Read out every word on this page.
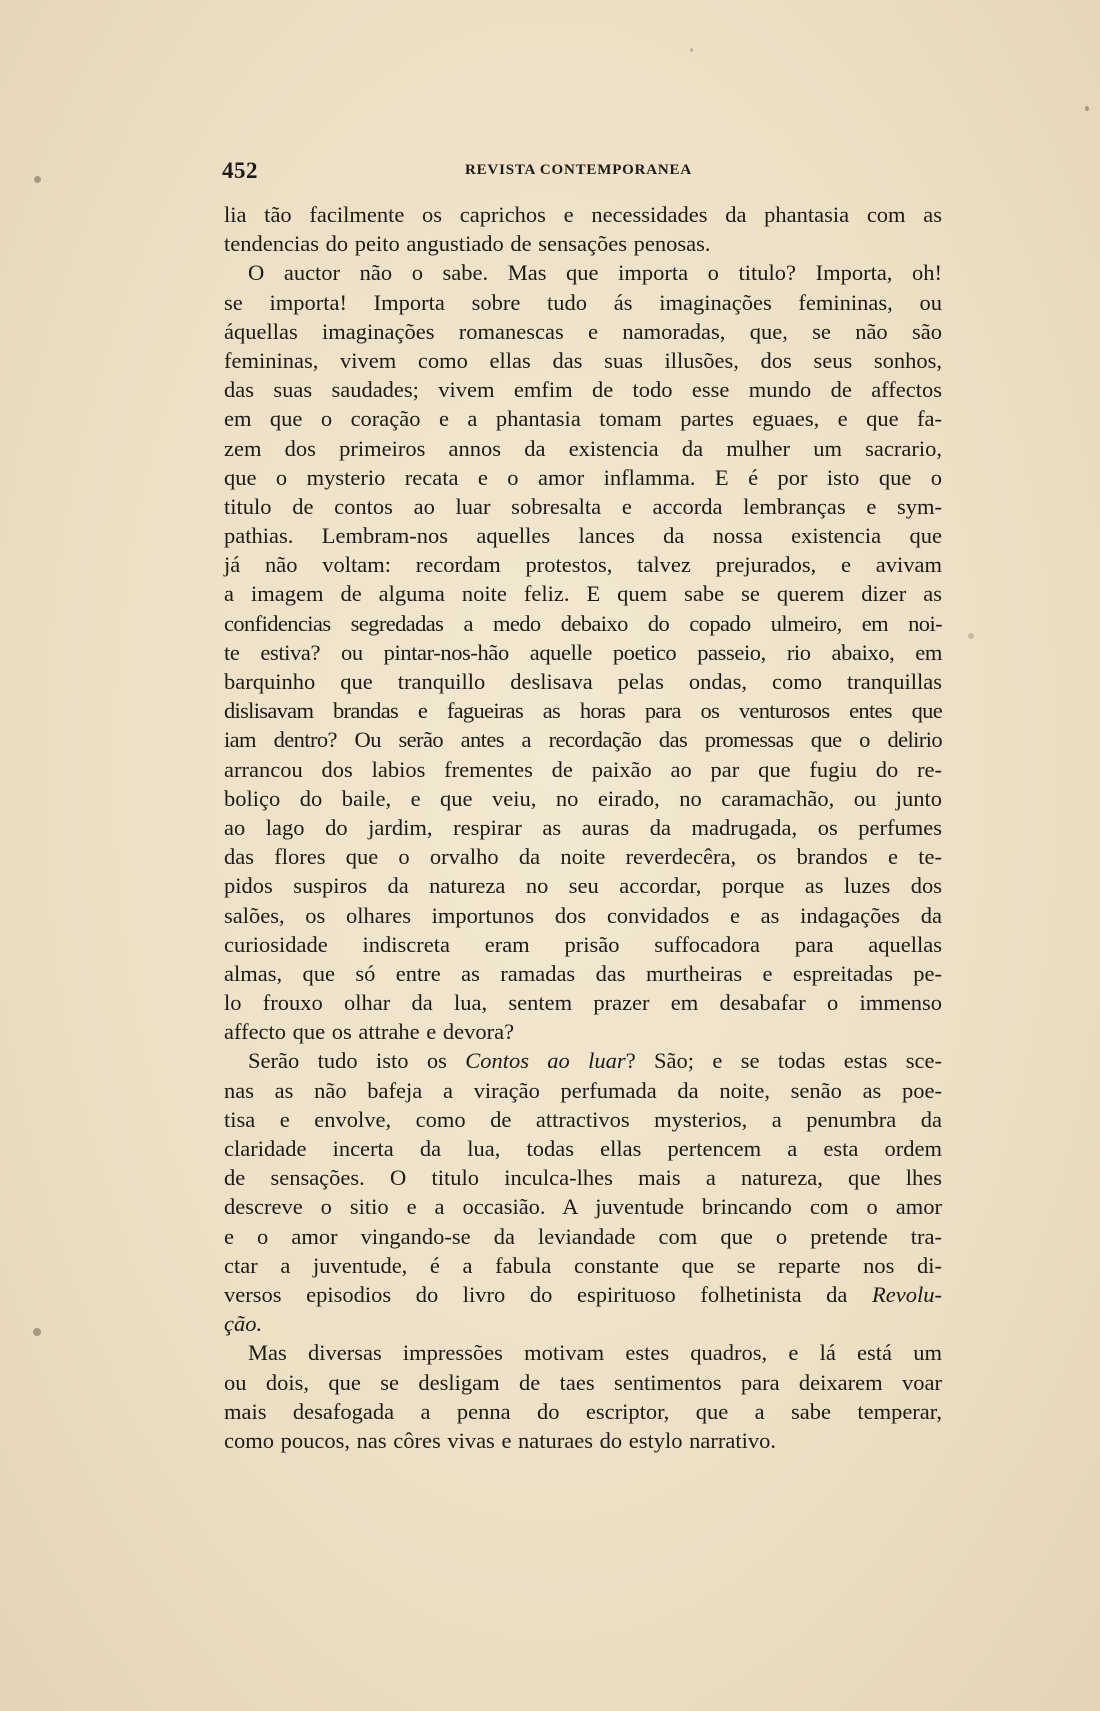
452	REVISTA CONTEMPORANEA
lia tão facilmente os caprichos e necessidades da phantasia com as
tendencias do peito angustiado de sensações penosas.
O auctor não o sabe. Mas que importa o titulo? Importa, oh!
se importa! Importa sobre tudo ás imaginações femininas, ou
áquellas imaginações romanescas e namoradas, que, se não são
femininas, vivem como ellas das suas illusões, dos seus sonhos,
das suas saudades; vivem emfim de todo esse mundo de affectos
em que o coração e a phantasia tomam partes eguaes, e que fa-
zem dos primeiros annos da existencia da mulher um sacrario,
que o mysterio recata e o amor inflamma. E é por isto que o
titulo de contos ao luar sobresalta e accorda lembranças e sym-
pathias. Lembram-nos aquelles lances da nossa existencia que
já não voltam: recordam protestos, talvez prejurados, e avivam
a imagem de alguma noite feliz. E quem sabe se querem dizer as
confidencias segredadas a medo debaixo do copado ulmeiro, em noi-
te estiva? ou pintar-nos-hão aquelle poetico passeio, rio abaixo, em
barquinho que tranquillo deslisava pelas ondas, como tranquillas
dislisavam brandas e fagueiras as horas para os venturosos entes que
iam dentro? Ou serão antes a recordação das promessas que o delirio
arrancou dos labios frementes de paixão ao par que fugiu do re-
boliço do baile, e que veiu, no eirado, no caramachão, ou junto
ao lago do jardim, respirar as auras da madrugada, os perfumes
das flores que o orvalho da noite reverdecêra, os brandos e te-
pidos suspiros da natureza no seu accordar, porque as luzes dos
salões, os olhares importunos dos convidados e as indagações da
curiosidade indiscreta eram prisão suffocadora para aquellas
almas, que só entre as ramadas das murtheiras e espreitadas pe-
lo frouxo olhar da lua, sentem prazer em desabafar o immenso
affecto que os attrahe e devora?
Serão tudo isto os Contos ao luar? São; e se todas estas sce-
nas as não bafeja a viração perfumada da noite, senão as poe-
tisa e envolve, como de attractivos mysterios, a penumbra da
claridade incerta da lua, todas ellas pertencem a esta ordem
de sensações. O titulo inculca-lhes mais a natureza, que lhes
descreve o sitio e a occasião. A juventude brincando com o amor
e o amor vingando-se da leviandade com que o pretende tra-
ctar a juventude, é a fabula constante que se reparte nos di-
versos episodios do livro do espirituoso folhetinista da Revolu-
ção.
Mas diversas impressões motivam estes quadros, e lá está um
ou dois, que se desligam de taes sentimentos para deixarem voar
mais desafogada a penna do escriptor, que a sabe temperar,
como poucos, nas côres vivas e naturaes do estylo narrativo.
